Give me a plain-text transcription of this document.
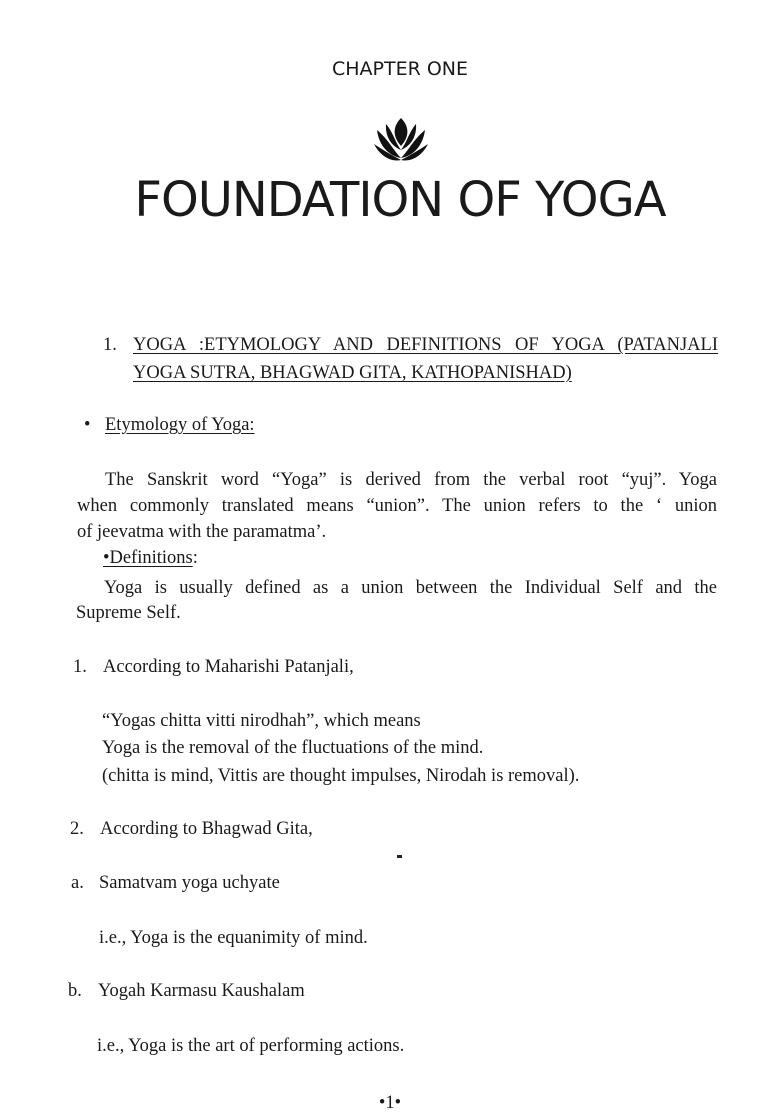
CHAPTER ONE
FOUNDATION OF YOGA
1. YOGA :ETYMOLOGY AND DEFINITIONS OF YOGA (PATANJALI
YOGA SUTRA, BHAGWAD GITA, KATHOPANISHAD)
• Etymology of Yoga:
The Sanskrit word “Yoga” is derived from the verbal root “yuj”. Yoga
when commonly translated means “union”. The union refers to the ‘ union
of jeevatma with the paramatma’.
•Definitions:
Yoga is usually defined as a union between the Individual Self and the
Supreme Self.
1. According to Maharishi Patanjali,
“Yogas chitta vitti nirodhah”, which means
Yoga is the removal of the fluctuations of the mind.
(chitta is mind, Vittis are thought impulses, Nirodah is removal).
2. According to Bhagwad Gita,
a. Samatvam yoga uchyate
i.e., Yoga is the equanimity of mind.
b. Yogah Karmasu Kaushalam
i.e., Yoga is the art of performing actions.
•1•
